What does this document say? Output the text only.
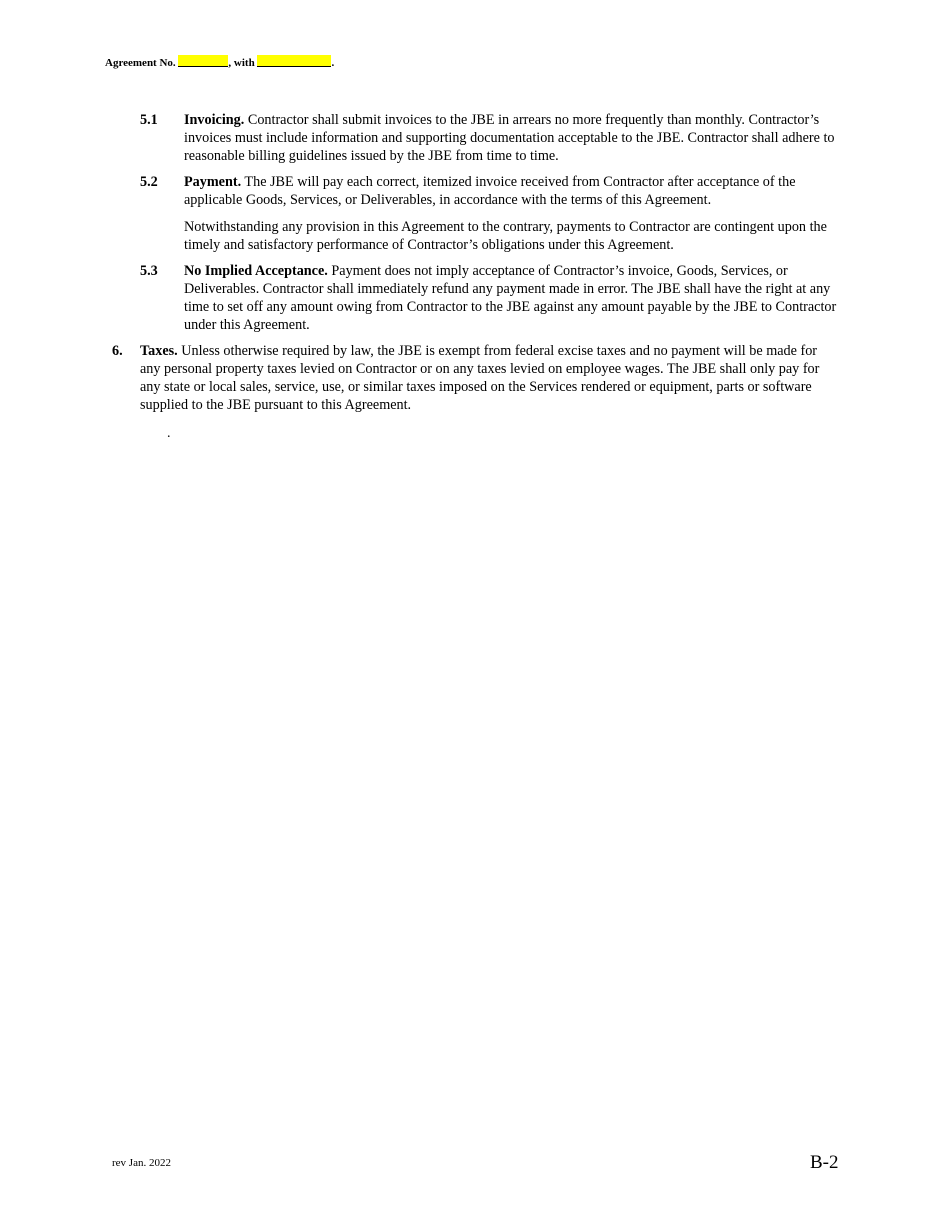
Agreement No.	, with	.
5.1	Invoicing. Contractor shall submit invoices to the JBE in arrears no more frequently than monthly. Contractor’s invoices must include information and supporting documentation acceptable to the JBE. Contractor shall adhere to reasonable billing guidelines issued by the JBE from time to time.

5.2	Payment. The JBE will pay each correct, itemized invoice received from Contractor after acceptance of the applicable Goods, Services, or Deliverables, in accordance with the terms of this Agreement.

Notwithstanding any provision in this Agreement to the contrary, payments to Contractor are contingent upon the timely and satisfactory performance of Contractor’s obligations under this Agreement.

5.3	No Implied Acceptance. Payment does not imply acceptance of Contractor’s invoice, Goods, Services, or Deliverables. Contractor shall immediately refund any payment made in error. The JBE shall have the right at any time to set off any amount owing from Contractor to the JBE against any amount payable by the JBE to Contractor under this Agreement.

6.	Taxes. Unless otherwise required by law, the JBE is exempt from federal excise taxes and no payment will be made for any personal property taxes levied on Contractor or on any taxes levied on employee wages. The JBE shall only pay for any state or local sales, service, use, or similar taxes imposed on the Services rendered or equipment, parts or software supplied to the JBE pursuant to this Agreement.

.
rev Jan. 2022	B-2
